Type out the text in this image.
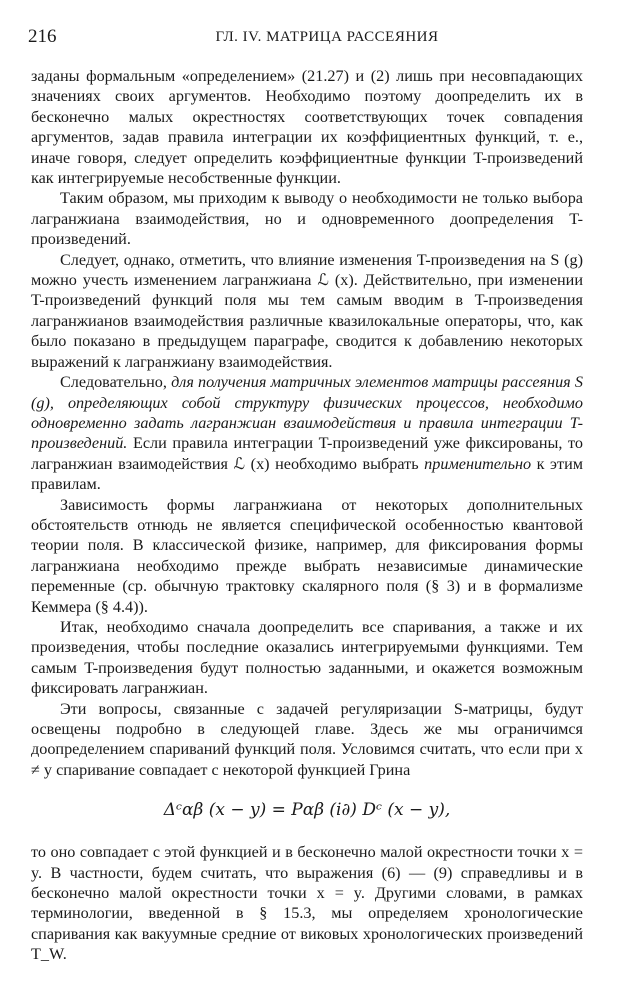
216	ГЛ. IV. МАТРИЦА РАССЕЯНИЯ

заданы формальным «определением» (21.27) и (2) лишь при несовпадающих значениях своих аргументов. Необходимо поэтому доопределить их в бесконечно малых окрестностях соответствующих точек совпадения аргументов, задав правила интеграции их коэффициентных функций, т. е., иначе говоря, следует определить коэффициентные функции T-произведений как интегрируемые несобственные функции.

Таким образом, мы приходим к выводу о необходимости не только выбора лагранжиана взаимодействия, но и одновременного доопределения T-произведений.

Следует, однако, отметить, что влияние изменения T-произведения на S (g) можно учесть изменением лагранжиана ℒ (x). Действительно, при изменении T-произведений функций поля мы тем самым вводим в T-произведения лагранжианов взаимодействия различные квазилокальные операторы, что, как было показано в предыдущем параграфе, сводится к добавлению некоторых выражений к лагранжиану взаимодействия.

Следовательно, для получения матричных элементов матрицы рассеяния S (g), определяющих собой структуру физических процессов, необходимо одновременно задать лагранжиан взаимодействия и правила интеграции T-произведений. Если правила интеграции T-произведений уже фиксированы, то лагранжиан взаимодействия ℒ (x) необходимо выбрать применительно к этим правилам.

Зависимость формы лагранжиана от некоторых дополнительных обстоятельств отнюдь не является специфической особенностью квантовой теории поля. В классической физике, например, для фиксирования формы лагранжиана необходимо прежде выбрать независимые динамические переменные (ср. обычную трактовку скалярного поля (§ 3) и в формализме Кеммера (§ 4.4)).

Итак, необходимо сначала доопределить все спаривания, а также и их произведения, чтобы последние оказались интегрируемыми функциями. Тем самым T-произведения будут полностью заданными, и окажется возможным фиксировать лагранжиан.

Эти вопросы, связанные с задачей регуляризации S-матрицы, будут освещены подробно в следующей главе. Здесь же мы ограничимся доопределением спариваний функций поля. Условимся считать, что если при x ≠ y спаривание совпадает с некоторой функцией Грина

Δᶜαβ (x − y) = Pαβ (i∂) Dᶜ (x − y),

то оно совпадает с этой функцией и в бесконечно малой окрестности точки x = y. В частности, будем считать, что выражения (6) — (9) справедливы и в бесконечно малой окрестности точки x = y. Другими словами, в рамках терминологии, введенной в § 15.3, мы определяем хронологические спаривания как вакуумные средние от виковых хронологических произведений T_W.
